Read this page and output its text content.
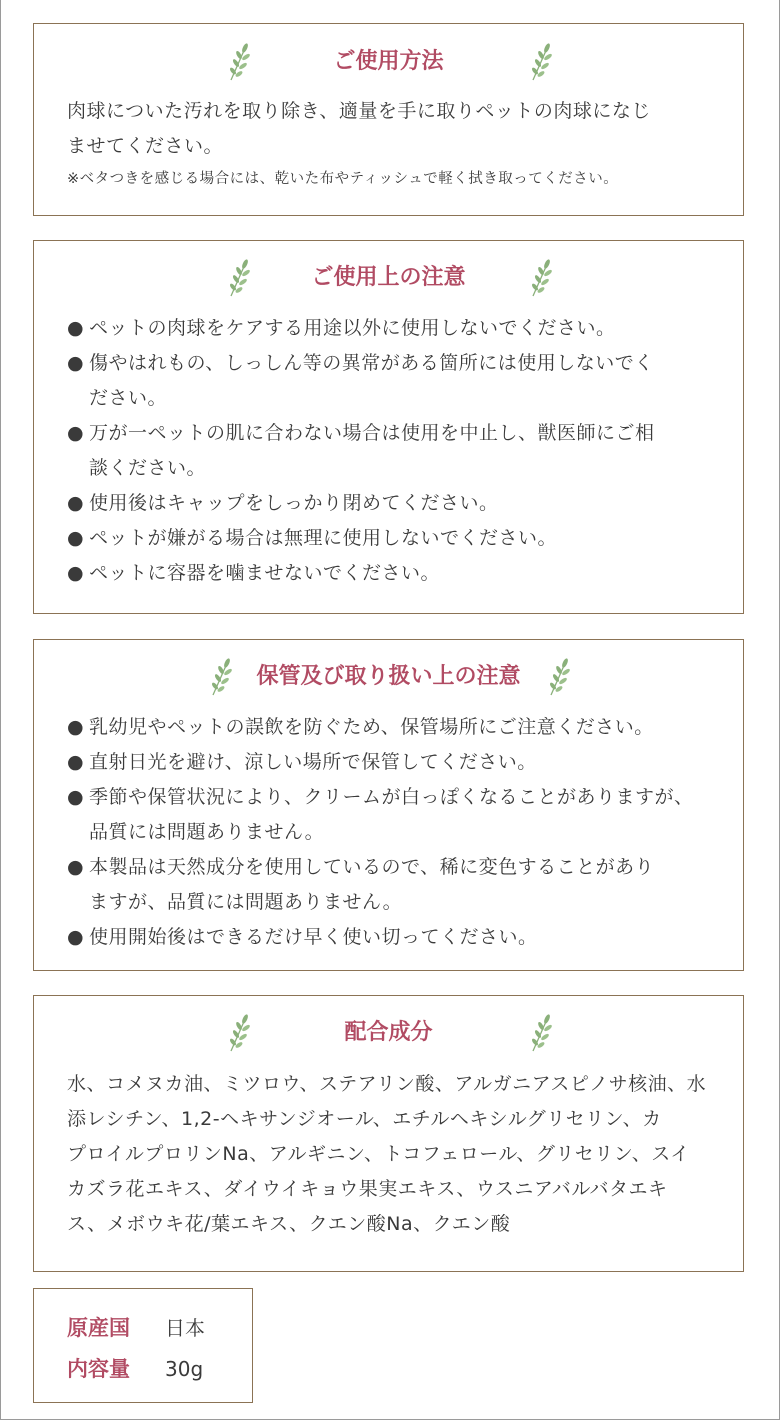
ご使用方法
肉球についた汚れを取り除き、適量を手に取りペットの肉球になじ
ませてください。
※ベタつきを感じる場合には、乾いた布やティッシュで軽く拭き取ってください。
ご使用上の注意
● ペットの肉球をケアする用途以外に使用しないでください。
● 傷やはれもの、しっしん等の異常がある箇所には使用しないでく
ださい。
● 万が一ペットの肌に合わない場合は使用を中止し、獣医師にご相
談ください。
● 使用後はキャップをしっかり閉めてください。
● ペットが嫌がる場合は無理に使用しないでください。
● ペットに容器を噛ませないでください。
保管及び取り扱い上の注意
● 乳幼児やペットの誤飲を防ぐため、保管場所にご注意ください。
● 直射日光を避け、涼しい場所で保管してください。
● 季節や保管状況により、クリームが白っぽくなることがありますが、
品質には問題ありません。
● 本製品は天然成分を使用しているので、稀に変色することがあり
ますが、品質には問題ありません。
● 使用開始後はできるだけ早く使い切ってください。
配合成分
水、コメヌカ油、ミツロウ、ステアリン酸、アルガニアスピノサ核油、水
添レシチン、1,2-ヘキサンジオール、エチルヘキシルグリセリン、カ
プロイルプロリンNa、アルギニン、トコフェロール、グリセリン、スイ
カズラ花エキス、ダイウイキョウ果実エキス、ウスニアバルバタエキ
ス、メボウキ花/葉エキス、クエン酸Na、クエン酸
原産国 日本
内容量 30g
